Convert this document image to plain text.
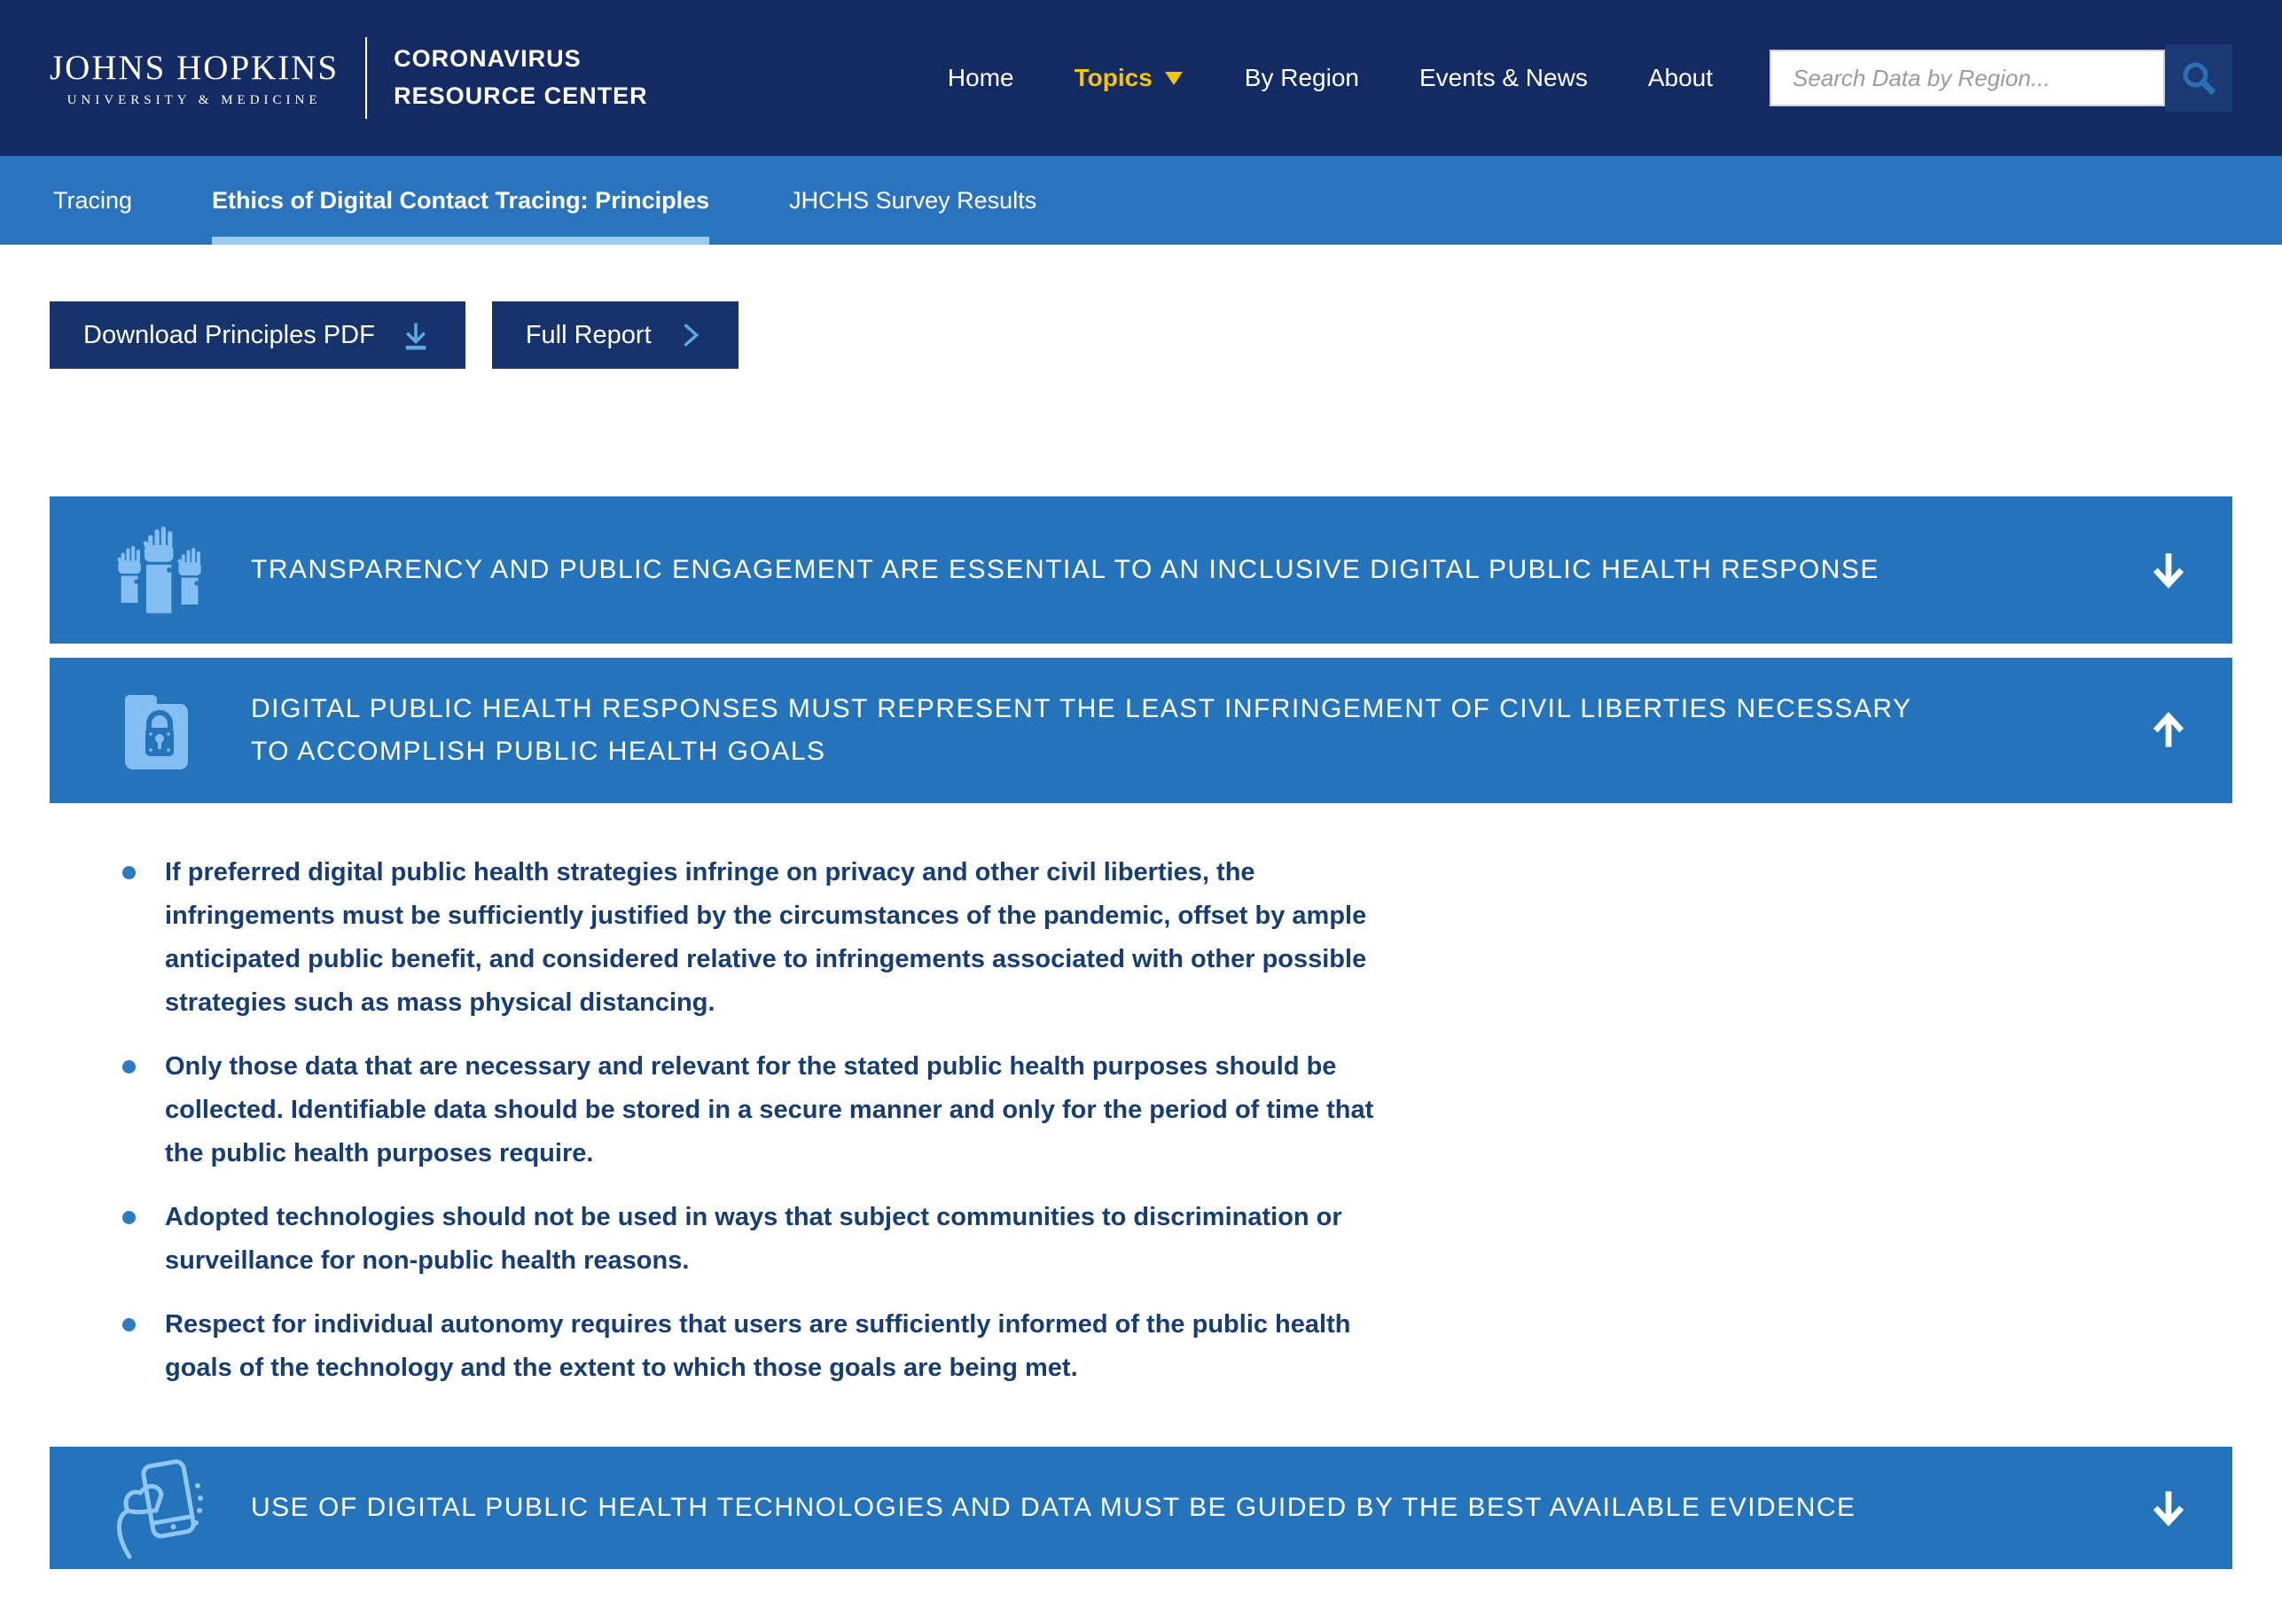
JOHNS HOPKINS
UNIVERSITY & MEDICINE
CORONAVIRUS
RESOURCE CENTER
Home Topics	By Region Events & News About
Search Data by Region...
Tracing	Ethics of Digital Contact Tracing: Principles	JHCHS Survey Results
Download Principles PDF	Full Report
TRANSPARENCY AND PUBLIC ENGAGEMENT ARE ESSENTIAL TO AN INCLUSIVE DIGITAL PUBLIC HEALTH RESPONSE
DIGITAL PUBLIC HEALTH RESPONSES MUST REPRESENT THE LEAST INFRINGEMENT OF CIVIL LIBERTIES NECESSARY TO ACCOMPLISH PUBLIC HEALTH GOALS
If preferred digital public health strategies infringe on privacy and other civil liberties, the infringements must be sufficiently justified by the circumstances of the pandemic, offset by ample anticipated public benefit, and considered relative to infringements associated with other possible strategies such as mass physical distancing.
Only those data that are necessary and relevant for the stated public health purposes should be collected. Identifiable data should be stored in a secure manner and only for the period of time that the public health purposes require.
Adopted technologies should not be used in ways that subject communities to discrimination or surveillance for non-public health reasons.
Respect for individual autonomy requires that users are sufficiently informed of the public health goals of the technology and the extent to which those goals are being met.
USE OF DIGITAL PUBLIC HEALTH TECHNOLOGIES AND DATA MUST BE GUIDED BY THE BEST AVAILABLE EVIDENCE
